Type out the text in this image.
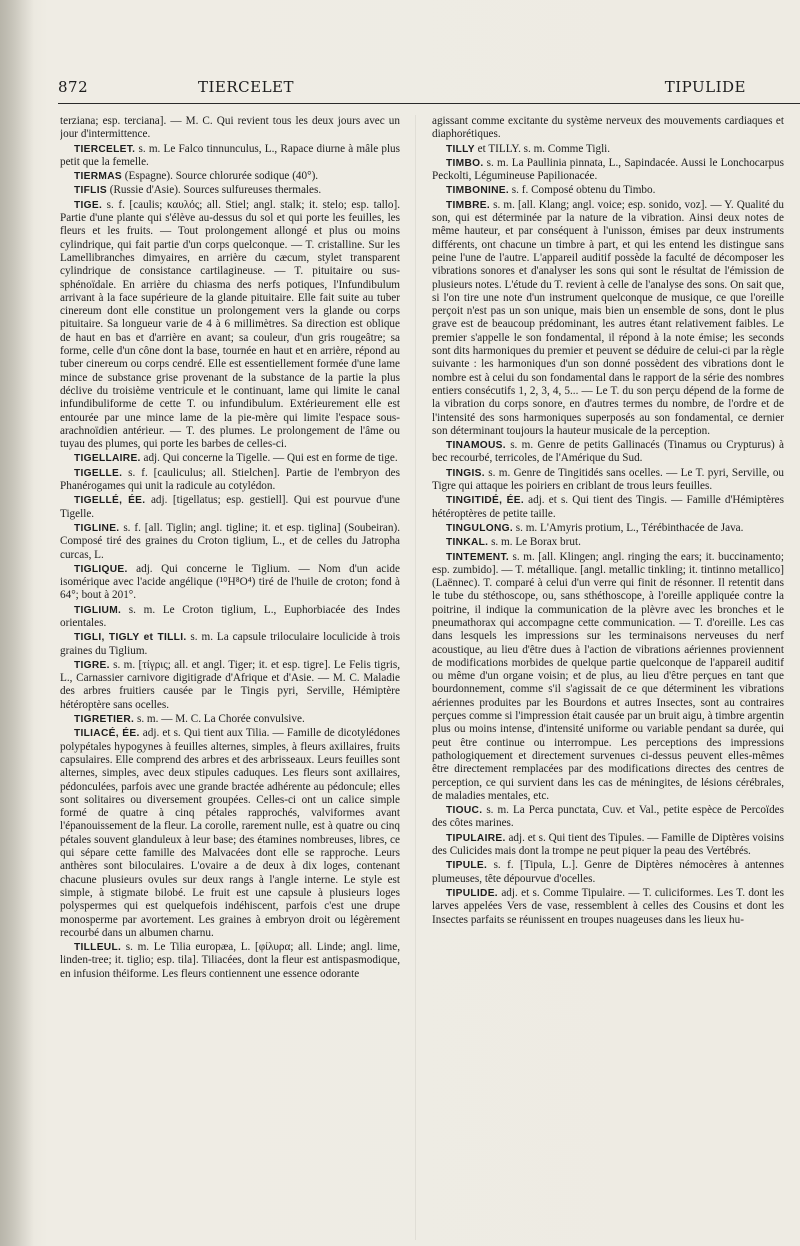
872	TIERCELET	TIPULIDE

terziana; esp. terciana]. — M. C. Qui revient tous les deux jours avec un jour d'intermittence.

TIERCELET. s. m. Le Falco tinnunculus, L., Rapace diurne à mâle plus petit que la femelle.

TIERMAS (Espagne). Source chlorurée sodique (40°).

TIFLIS (Russie d'Asie). Sources sulfureuses thermales.

TIGE. s. f. [caulis; καυλός; all. Stiel; angl. stalk; it. stelo; esp. tallo]. Partie d'une plante qui s'élève au-dessus du sol et qui porte les feuilles, les fleurs et les fruits. — Tout prolongement allongé et plus ou moins cylindrique, qui fait partie d'un corps quelconque. — T. cristalline. Sur les Lamellibranches dimyaires, en arrière du cæcum, stylet transparent cylindrique de consistance cartilagineuse. — T. pituitaire ou sus-sphénoïdale. En arrière du chiasma des nerfs potiques, l'Infundibulum arrivant à la face supérieure de la glande pituitaire. Elle fait suite au tuber cinereum dont elle constitue un prolongement vers la glande ou corps pituitaire. Sa longueur varie de 4 à 6 millimètres. Sa direction est oblique de haut en bas et d'arrière en avant; sa couleur, d'un gris rougeâtre; sa forme, celle d'un cône dont la base, tournée en haut et en arrière, répond au tuber cinereum ou corps cendré. Elle est essentiellement formée d'une lame mince de substance grise provenant de la substance de la partie la plus déclive du troisième ventricule et le continuant, lame qui limite le canal infundibuliforme de cette T. ou infundibulum. Extérieurement elle est entourée par une mince lame de la pie-mère qui limite l'espace sous-arachnoïdien antérieur. — T. des plumes. Le prolongement de l'âme ou tuyau des plumes, qui porte les barbes de celles-ci.

TIGELLAIRE. adj. Qui concerne la Tigelle. — Qui est en forme de tige.

TIGELLE. s. f. [cauliculus; all. Stielchen]. Partie de l'embryon des Phanérogames qui unit la radicule au cotylédon.

TIGELLÉ, ÉE. adj. [tigellatus; esp. gestiell]. Qui est pourvue d'une Tigelle.

TIGLINE. s. f. [all. Tiglin; angl. tigline; it. et esp. tiglina] (Soubeiran). Composé tiré des graines du Croton tiglium, L., et de celles du Jatropha curcas, L.

TIGLIQUE. adj. Qui concerne le Tiglium. — Nom d'un acide isomérique avec l'acide angélique (¹⁰H⁸O⁴) tiré de l'huile de croton; fond à 64°; bout à 201°.

TIGLIUM. s. m. Le Croton tiglium, L., Euphorbiacée des Indes orientales.

TIGLI, TIGLY et TILLI. s. m. La capsule triloculaire loculicide à trois graines du Tiglium.

TIGRE. s. m. [τίγρις; all. et angl. Tiger; it. et esp. tigre]. Le Felis tigris, L., Carnassier carnivore digitigrade d'Afrique et d'Asie. — M. C. Maladie des arbres fruitiers causée par le Tingis pyri, Serville, Hémiptère hétéroptère sans ocelles.

TIGRETIER. s. m. — M. C. La Chorée convulsive.

TILIACÉ, ÉE. adj. et s. Qui tient aux Tilia. — Famille de dicotylédones polypétales hypogynes à feuilles alternes, simples, à fleurs axillaires, fruits capsulaires. Elle comprend des arbres et des arbrisseaux. Leurs feuilles sont alternes, simples, avec deux stipules caduques. Les fleurs sont axillaires, pédonculées, parfois avec une grande bractée adhérente au pédoncule; elles sont solitaires ou diversement groupées. Celles-ci ont un calice simple formé de quatre à cinq pétales rapprochés, valviformes avant l'épanouissement de la fleur. La corolle, rarement nulle, est à quatre ou cinq pétales souvent glanduleux à leur base; des étamines nombreuses, libres, ce qui sépare cette famille des Malvacées dont elle se rapproche. Leurs anthères sont biloculaires. L'ovaire a de deux à dix loges, contenant chacune plusieurs ovules sur deux rangs à l'angle interne. Le style est simple, à stigmate bilobé. Le fruit est une capsule à plusieurs loges polyspermes qui est quelquefois indéhiscent, parfois c'est une drupe monosperme par avortement. Les graines à embryon droit ou légèrement recourbé dans un albumen charnu.

TILLEUL. s. m. Le Tilia europæa, L. [φίλυρα; all. Linde; angl. lime, linden-tree; it. tiglio; esp. tila]. Tiliacées, dont la fleur est antispasmodique, en infusion théiforme. Les fleurs contiennent une essence odorante

agissant comme excitante du système nerveux des mouvements cardiaques et diaphorétiques.

TILLY et TILLY. s. m. Comme Tigli.

TIMBO. s. m. La Paullinia pinnata, L., Sapindacée. Aussi le Lonchocarpus Peckolti, Légumineuse Papilionacée.

TIMBONINE. s. f. Composé obtenu du Timbo.

TIMBRE. s. m. [all. Klang; angl. voice; esp. sonido, voz]. — Y. Qualité du son, qui est déterminée par la nature de la vibration. Ainsi deux notes de même hauteur, et par conséquent à l'unisson, émises par deux instruments différents, ont chacune un timbre à part, et qui les entend les distingue sans peine l'une de l'autre. L'appareil auditif possède la faculté de décomposer les vibrations sonores et d'analyser les sons qui sont le résultat de l'émission de plusieurs notes. L'étude du T. revient à celle de l'analyse des sons. On sait que, si l'on tire une note d'un instrument quelconque de musique, ce que l'oreille perçoit n'est pas un son unique, mais bien un ensemble de sons, dont le plus grave est de beaucoup prédominant, les autres étant relativement faibles. Le premier s'appelle le son fondamental, il répond à la note émise; les seconds sont dits harmoniques du premier et peuvent se déduire de celui-ci par la règle suivante : les harmoniques d'un son donné possèdent des vibrations dont le nombre est à celui du son fondamental dans le rapport de la série des nombres entiers consécutifs 1, 2, 3, 4, 5... — Le T. du son perçu dépend de la forme de la vibration du corps sonore, en d'autres termes du nombre, de l'ordre et de l'intensité des sons harmoniques superposés au son fondamental, ce dernier son déterminant toujours la hauteur musicale de la perception.

TINAMOUS. s. m. Genre de petits Gallinacés (Tinamus ou Crypturus) à bec recourbé, terricoles, de l'Amérique du Sud.

TINGIS. s. m. Genre de Tingitidés sans ocelles. — Le T. pyri, Serville, ou Tigre qui attaque les poiriers en criblant de trous leurs feuilles.

TINGITIDÉ, ÉE. adj. et s. Qui tient des Tingis. — Famille d'Hémiptères hétéroptères de petite taille.

TINGULONG. s. m. L'Amyris protium, L., Térébinthacée de Java.

TINKAL. s. m. Le Borax brut.

TINTEMENT. s. m. [all. Klingen; angl. ringing the ears; it. buccinamento; esp. zumbido]. — T. métallique. [angl. metallic tinkling; it. tintinno metallico] (Laënnec). T. comparé à celui d'un verre qui finit de résonner. Il retentit dans le tube du stéthoscope, ou, sans sthéthoscope, à l'oreille appliquée contre la poitrine, il indique la communication de la plèvre avec les bronches et le pneumathorax qui accompagne cette communication. — T. d'oreille. Les cas dans lesquels les impressions sur les terminaisons nerveuses du nerf acoustique, au lieu d'être dues à l'action de vibrations aériennes proviennent de modifications morbides de quelque partie quelconque de l'appareil auditif ou même d'un organe voisin; et de plus, au lieu d'être perçues en tant que bourdonnement, comme s'il s'agissait de ce que déterminent les vibrations aériennes produites par les Bourdons et autres Insectes, sont au contraires perçues comme si l'impression était causée par un bruit aigu, à timbre argentin plus ou moins intense, d'intensité uniforme ou variable pendant sa durée, qui peut être continue ou interrompue. Les perceptions des impressions pathologiquement et directement survenues ci-dessus peuvent elles-mêmes être directement remplacées par des modifications directes des centres de perception, ce qui survient dans les cas de méningites, de lésions cérébrales, de maladies mentales, etc.

TIOUC. s. m. La Perca punctata, Cuv. et Val., petite espèce de Percoïdes des côtes marines.

TIPULAIRE. adj. et s. Qui tient des Tipules. — Famille de Diptères voisins des Culicides mais dont la trompe ne peut piquer la peau des Vertébrés.

TIPULE. s. f. [Tipula, L.]. Genre de Diptères némocères à antennes plumeuses, tête dépourvue d'ocelles.

TIPULIDE. adj. et s. Comme Tipulaire. — T. culiciformes. Les T. dont les larves appelées Vers de vase, ressemblent à celles des Cousins et dont les Insectes parfaits se réunissent en troupes nuageuses dans les lieux hu-
